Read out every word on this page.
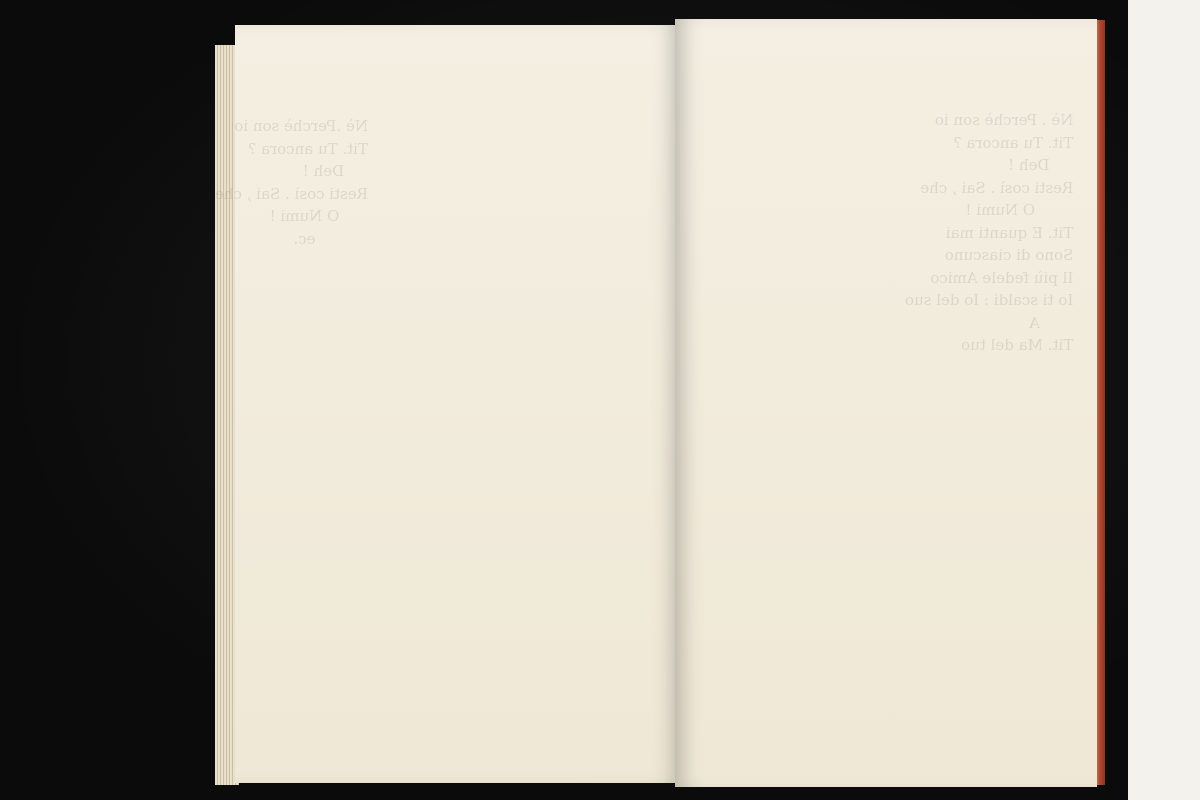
Nè .Perchè son io
Tit. Tu ancora ?
Deh !
Resti così . Sai , che
O Numi !
ec.
Nè . Perchè son io
Tit. Tu ancora ?
Deh !
Resti così . Sai , che
O Numi !
Tit. E quanti mai
Sono di ciascuno
Il più fedele Amico
Io ti scaldi : Io del suo
A
Tit. Ma del tuo
